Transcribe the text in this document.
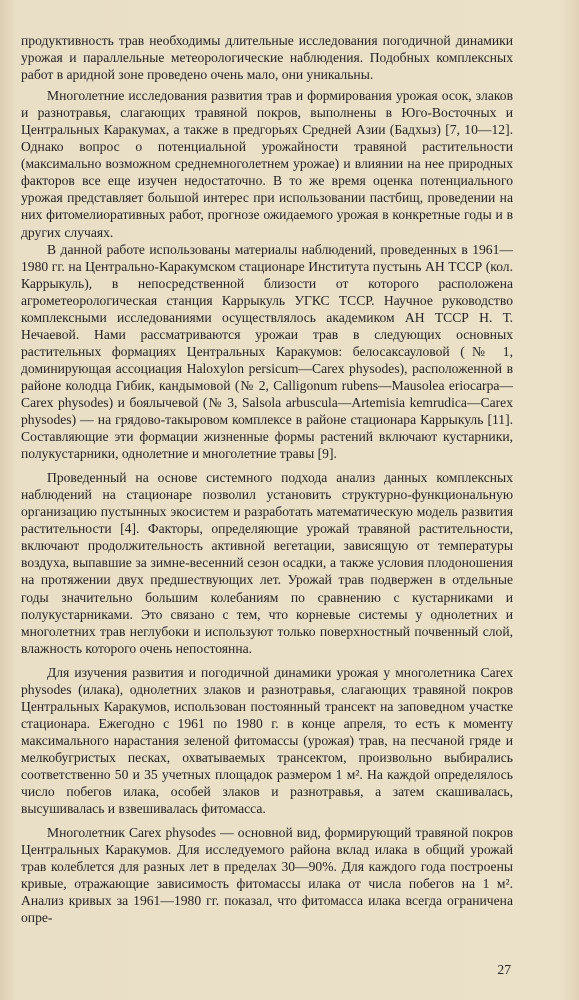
продуктивность трав необходимы длительные исследования погодичной динамики урожая и параллельные метеорологические наблюдения. Подобных комплексных работ в аридной зоне проведено очень мало, они уникальны.

Многолетние исследования развития трав и формирования урожая осок, злаков и разнотравья, слагающих травяной покров, выполнены в Юго-Восточных и Центральных Каракумах, а также в предгорьях Средней Азии (Бадхыз) [7, 10—12]. Однако вопрос о потенциальной урожайности травяной растительности (максимально возможном среднемноголетнем урожае) и влиянии на нее природных факторов все еще изучен недостаточно. В то же время оценка потенциального урожая представляет большой интерес при использовании пастбищ, проведении на них фитомелиоративных работ, прогнозе ожидаемого урожая в конкретные годы и в других случаях.

В данной работе использованы материалы наблюдений, проведенных в 1961—1980 гг. на Центрально-Каракумском стационаре Института пустынь АН ТССР (кол. Каррыкуль), в непосредственной близости от которого расположена агрометеорологическая станция Каррыкуль УГКС ТССР. Научное руководство комплексными исследованиями осуществлялось академиком АН ТССР Н. Т. Нечаевой. Нами рассматриваются урожаи трав в следующих основных растительных формациях Центральных Каракумов: белосаксауловой (№ 1, доминирующая ассоциация Haloxylon persicum—Carex physodes), расположенной в районе колодца Гибик, кандымовой (№ 2, Calligonum rubens—Mausolea eriocarpa—Carex physodes) и боялычевой (№ 3, Salsola arbuscula—Artemisia kemrudica—Carex physodes) — на грядово-такыровом комплексе в районе стационара Каррыкуль [11]. Составляющие эти формации жизненные формы растений включают кустарники, полукустарники, однолетние и многолетние травы [9].

Проведенный на основе системного подхода анализ данных комплексных наблюдений на стационаре позволил установить структурно-функциональную организацию пустынных экосистем и разработать математическую модель развития растительности [4]. Факторы, определяющие урожай травяной растительности, включают продолжительность активной вегетации, зависящую от температуры воздуха, выпавшие за зимне-весенний сезон осадки, а также условия плодоношения на протяжении двух предшествующих лет. Урожай трав подвержен в отдельные годы значительно большим колебаниям по сравнению с кустарниками и полукустарниками. Это связано с тем, что корневые системы у однолетних и многолетних трав неглубоки и используют только поверхностный почвенный слой, влажность которого очень непостоянна.

Для изучения развития и погодичной динамики урожая у многолетника Carex physodes (илака), однолетних злаков и разнотравья, слагающих травяной покров Центральных Каракумов, использован постоянный трансект на заповедном участке стационара. Ежегодно с 1961 по 1980 г. в конце апреля, то есть к моменту максимального нарастания зеленой фитомассы (урожая) трав, на песчаной гряде и мелкобугристых песках, охватываемых трансектом, произвольно выбирались соответственно 50 и 35 учетных площадок размером 1 м². На каждой определялось число побегов илака, особей злаков и разнотравья, а затем скашивалась, высушивалась и взвешивалась фитомасса.

Многолетник Carex physodes — основной вид, формирующий травяной покров Центральных Каракумов. Для исследуемого района вклад илака в общий урожай трав колеблется для разных лет в пределах 30—90%. Для каждого года построены кривые, отражающие зависимость фитомассы илака от числа побегов на 1 м². Анализ кривых за 1961—1980 гг. показал, что фитомасса илака всегда ограничена опре-

27
